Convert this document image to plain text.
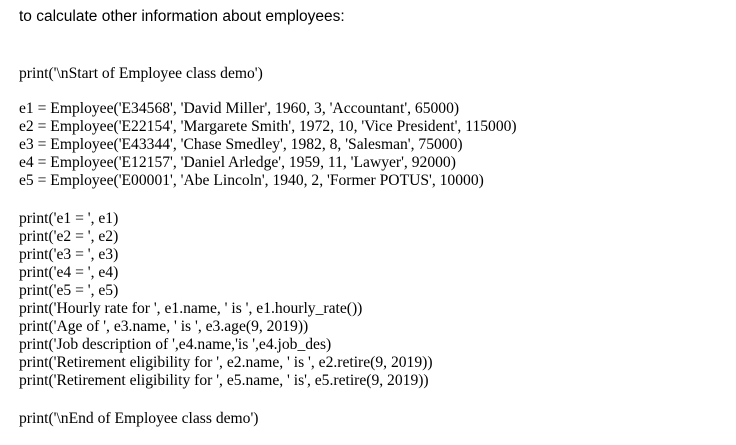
to calculate other information about employees:
print('\nStart of Employee class demo')
e1 = Employee('E34568', 'David Miller', 1960, 3, 'Accountant', 65000)
e2 = Employee('E22154', 'Margarete Smith', 1972, 10, 'Vice President', 115000)
e3 = Employee('E43344', 'Chase Smedley', 1982, 8, 'Salesman', 75000)
e4 = Employee('E12157', 'Daniel Arledge', 1959, 11, 'Lawyer', 92000)
e5 = Employee('E00001', 'Abe Lincoln', 1940, 2, 'Former POTUS', 10000)
print('e1 = ', e1)
print('e2 = ', e2)
print('e3 = ', e3)
print('e4 = ', e4)
print('e5 = ', e5)
print('Hourly rate for ', e1.name, ' is ', e1.hourly_rate())
print('Age of ', e3.name, ' is ', e3.age(9, 2019))
print('Job description of ',e4.name,'is ',e4.job_des)
print('Retirement eligibility for ', e2.name, ' is ', e2.retire(9, 2019))
print('Retirement eligibility for ', e5.name, ' is', e5.retire(9, 2019))
print('\nEnd of Employee class demo')
